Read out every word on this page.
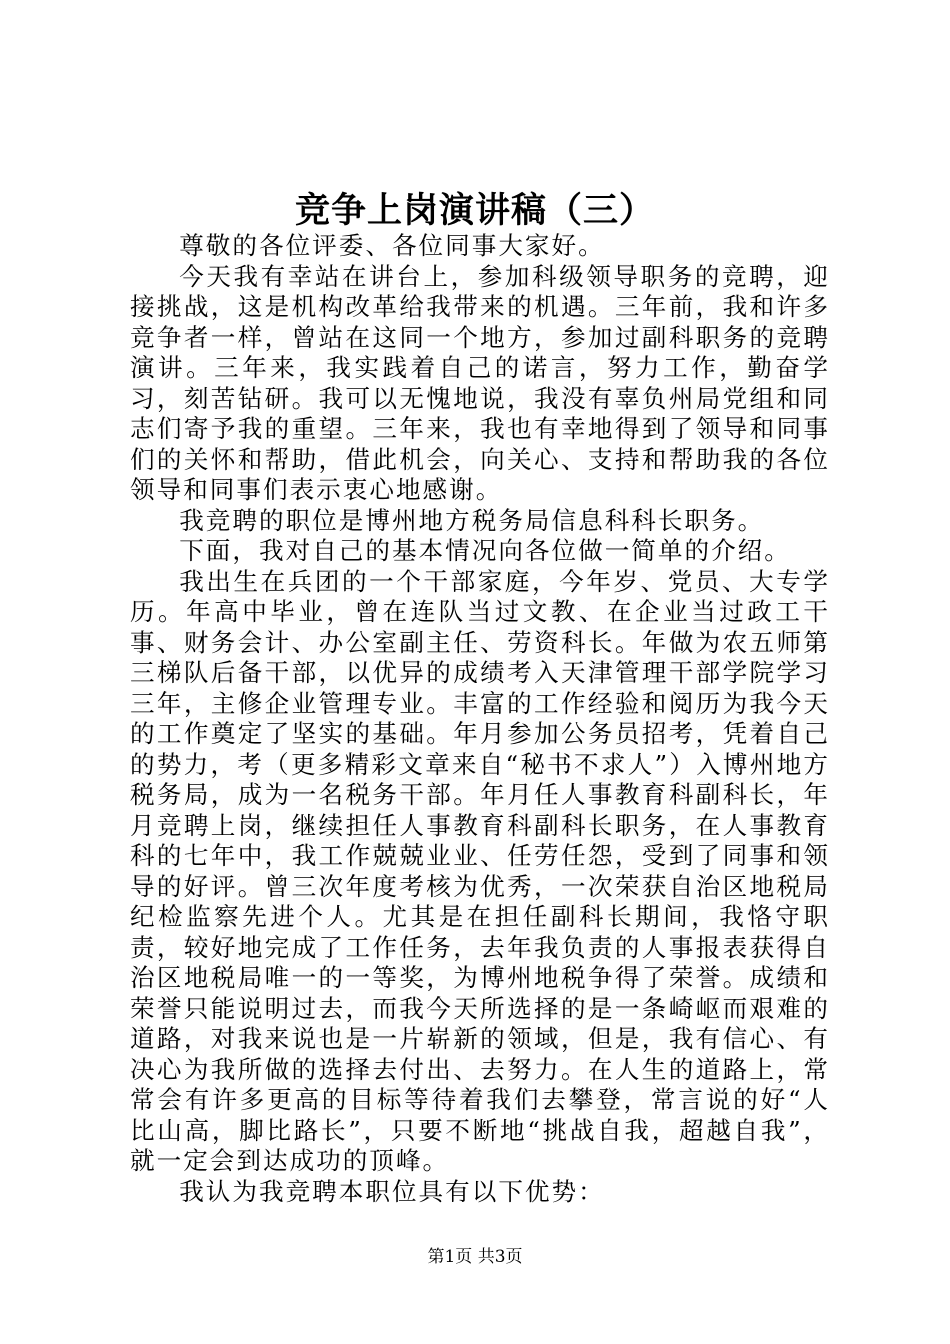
竞争上岗演讲稿（三）

尊敬的各位评委、各位同事大家好。

今天我有幸站在讲台上，参加科级领导职务的竞聘，迎接挑战，这是机构改革给我带来的机遇。三年前，我和许多竞争者一样，曾站在这同一个地方，参加过副科职务的竞聘演讲。三年来，我实践着自己的诺言，努力工作，勤奋学习，刻苦钻研。我可以无愧地说，我没有辜负州局党组和同志们寄予我的重望。三年来，我也有幸地得到了领导和同事们的关怀和帮助，借此机会，向关心、支持和帮助我的各位领导和同事们表示衷心地感谢。

我竞聘的职位是博州地方税务局信息科科长职务。

下面，我对自己的基本情况向各位做一简单的介绍。

我出生在兵团的一个干部家庭，今年岁、党员、大专学历。年高中毕业，曾在连队当过文教、在企业当过政工干事、财务会计、办公室副主任、劳资科长。年做为农五师第三梯队后备干部，以优异的成绩考入天津管理干部学院学习三年，主修企业管理专业。丰富的工作经验和阅历为我今天的工作奠定了坚实的基础。年月参加公务员招考，凭着自己的势力，考（更多精彩文章来自“秘书不求人”）入博州地方税务局，成为一名税务干部。年月任人事教育科副科长，年月竞聘上岗，继续担任人事教育科副科长职务，在人事教育科的七年中，我工作兢兢业业、任劳任怨，受到了同事和领导的好评。曾三次年度考核为优秀，一次荣获自治区地税局纪检监察先进个人。尤其是在担任副科长期间，我恪守职责，较好地完成了工作任务，去年我负责的人事报表获得自治区地税局唯一的一等奖，为博州地税争得了荣誉。成绩和荣誉只能说明过去，而我今天所选择的是一条崎岖而艰难的道路，对我来说也是一片崭新的领域，但是，我有信心、有决心为我所做的选择去付出、去努力。在人生的道路上，常常会有许多更高的目标等待着我们去攀登，常言说的好“人比山高，脚比路长”，只要不断地“挑战自我，超越自我”，就一定会到达成功的顶峰。

我认为我竞聘本职位具有以下优势：

第1页 共3页
